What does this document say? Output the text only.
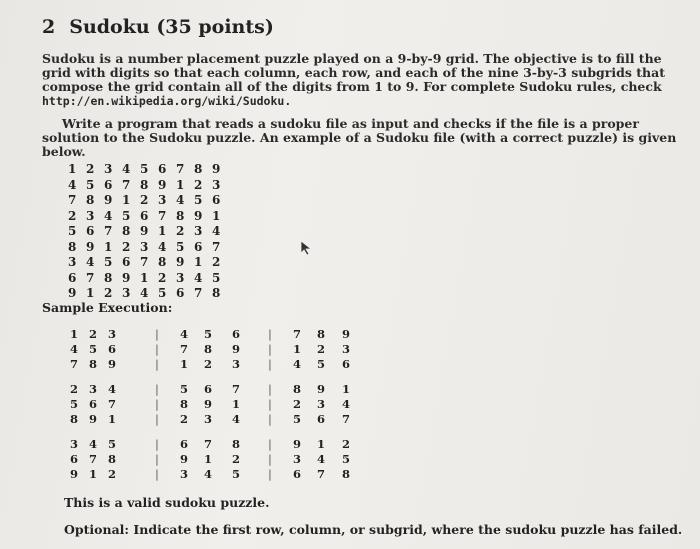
2 Sudoku (35 points)
Sudoku is a number placement puzzle played on a 9-by-9 grid. The objective is to fill the grid with digits so that each column, each row, and each of the nine 3-by-3 subgrids that compose the grid contain all of the digits from 1 to 9. For complete Sudoku rules, check http://en.wikipedia.org/wiki/Sudoku.
Write a program that reads a sudoku file as input and checks if the file is a proper solution to the Sudoku puzzle. An example of a Sudoku file (with a correct puzzle) is given below.
1 2 3 4 5 6 7 8 9
4 5 6 7 8 9 1 2 3
7 8 9 1 2 3 4 5 6
2 3 4 5 6 7 8 9 1
5 6 7 8 9 1 2 3 4
8 9 1 2 3 4 5 6 7
3 4 5 6 7 8 9 1 2
6 7 8 9 1 2 3 4 5
9 1 2 3 4 5 6 7 8
Sample Execution:
1 2 3	4 5 6	7 8 9
|	|
4 5 6	7 8 9	1 2 3
|	|
7 8 9	1 2 3	4 5 6
|	|
2 3 4	5 6 7	8 9 1
|	|
5 6 7	8 9 1	2 3 4
|	|
8 9 1	2 3 4	5 6 7
|	|
3 4 5	6 7 8	9 1 2
|	|
6 7 8	9 1 2	3 4 5
|	|
9 1 2	3 4 5	6 7 8
|	|
This is a valid sudoku puzzle.
Optional: Indicate the first row, column, or subgrid, where the sudoku puzzle has failed.
